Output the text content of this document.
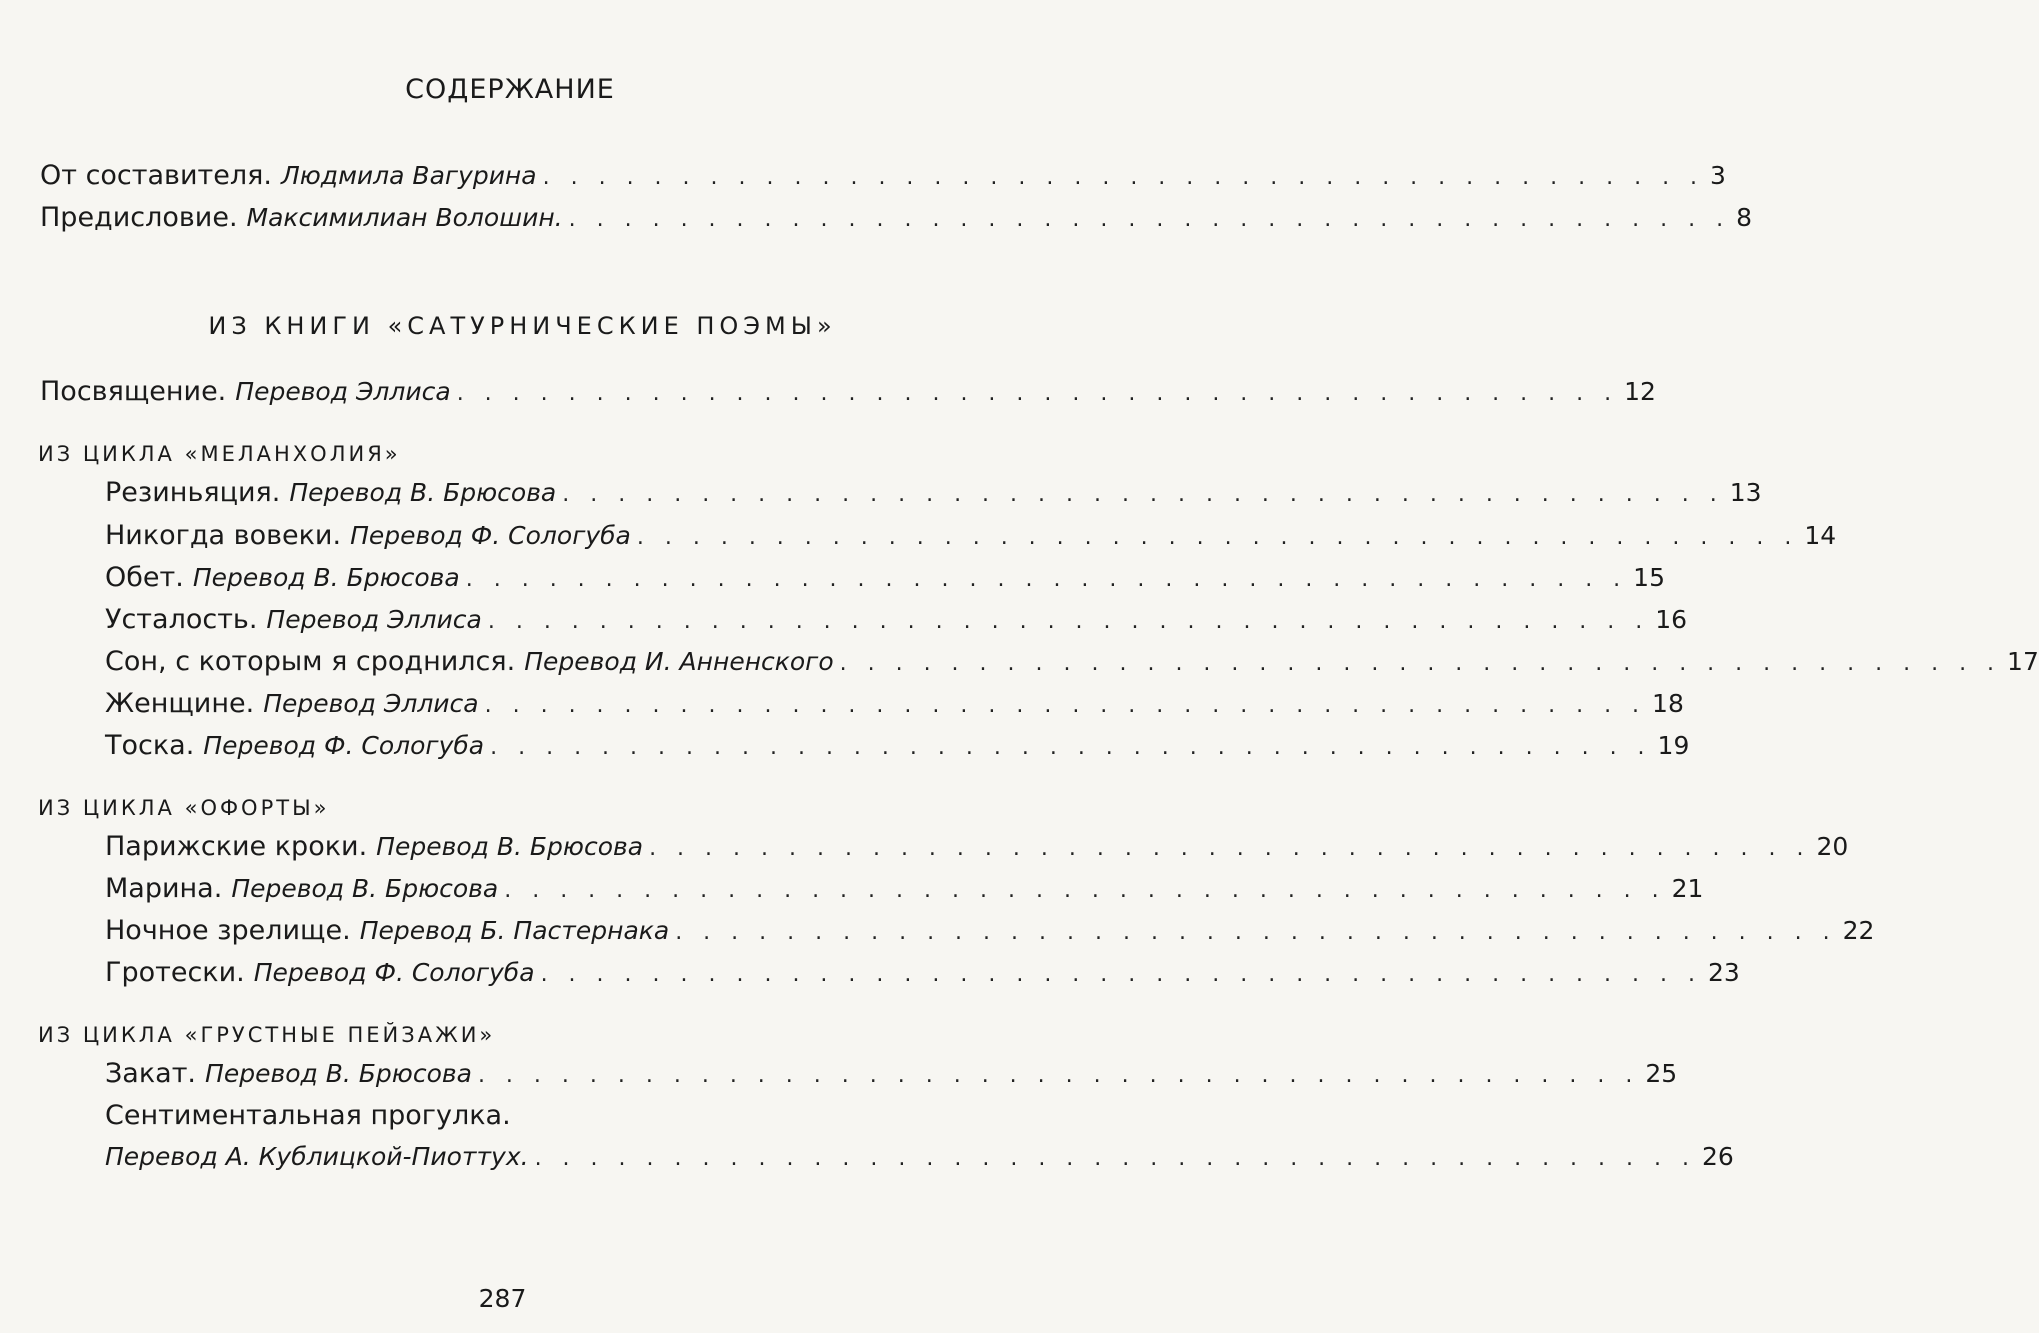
СОДЕРЖАНИЕ
От составителя. Людмила Вагурина . . . . . . . . . . . . . . . . . . . . . . . . . . . . . . . . . . . . . . . . . . 3
Предисловие. Максимилиан Волошин. . . . . . . . . . . . . . . . . . . . . . . . . . . . . . . . . . . . . . . . . . . 8
ИЗ КНИГИ «САТУРНИЧЕСКИЕ ПОЭМЫ»
Посвящение. Перевод Эллиса . . . . . . . . . . . . . . . . . . . . . . . . . . . . . . . . . . . . . . . . . . 12
ИЗ ЦИКЛА «МЕЛАНХОЛИЯ»
Резиньяция. Перевод В. Брюсова . . . . . . . . . . . . . . . . . . . . . . . . . . . . . . . . . . . . . . . . . . 13
Никогда вовеки. Перевод Ф. Сологуба . . . . . . . . . . . . . . . . . . . . . . . . . . . . . . . . . . . . . . . . . . 14
Обет. Перевод В. Брюсова . . . . . . . . . . . . . . . . . . . . . . . . . . . . . . . . . . . . . . . . . . 15
Усталость. Перевод Эллиса . . . . . . . . . . . . . . . . . . . . . . . . . . . . . . . . . . . . . . . . . . 16
Сон, с которым я сроднился. Перевод И. Анненского . . . . . . . . . . . . . . . . . . . . . . . . . . . . . . . . . . . . . . . . . . 17
Женщине. Перевод Эллиса . . . . . . . . . . . . . . . . . . . . . . . . . . . . . . . . . . . . . . . . . . 18
Тоска. Перевод Ф. Сологуба . . . . . . . . . . . . . . . . . . . . . . . . . . . . . . . . . . . . . . . . . . 19
ИЗ ЦИКЛА «ОФОРТЫ»
Парижские кроки. Перевод В. Брюсова . . . . . . . . . . . . . . . . . . . . . . . . . . . . . . . . . . . . . . . . . . 20
Марина. Перевод В. Брюсова . . . . . . . . . . . . . . . . . . . . . . . . . . . . . . . . . . . . . . . . . . 21
Ночное зрелище. Перевод Б. Пастернака . . . . . . . . . . . . . . . . . . . . . . . . . . . . . . . . . . . . . . . . . . 22
Гротески. Перевод Ф. Сологуба . . . . . . . . . . . . . . . . . . . . . . . . . . . . . . . . . . . . . . . . . . 23
ИЗ ЦИКЛА «ГРУСТНЫЕ ПЕЙЗАЖИ»
Закат. Перевод В. Брюсова . . . . . . . . . . . . . . . . . . . . . . . . . . . . . . . . . . . . . . . . . . 25
Сентиментальная прогулка.
Перевод А. Кублицкой-Пиоттух. . . . . . . . . . . . . . . . . . . . . . . . . . . . . . . . . . . . . . . . . . . 26
287
